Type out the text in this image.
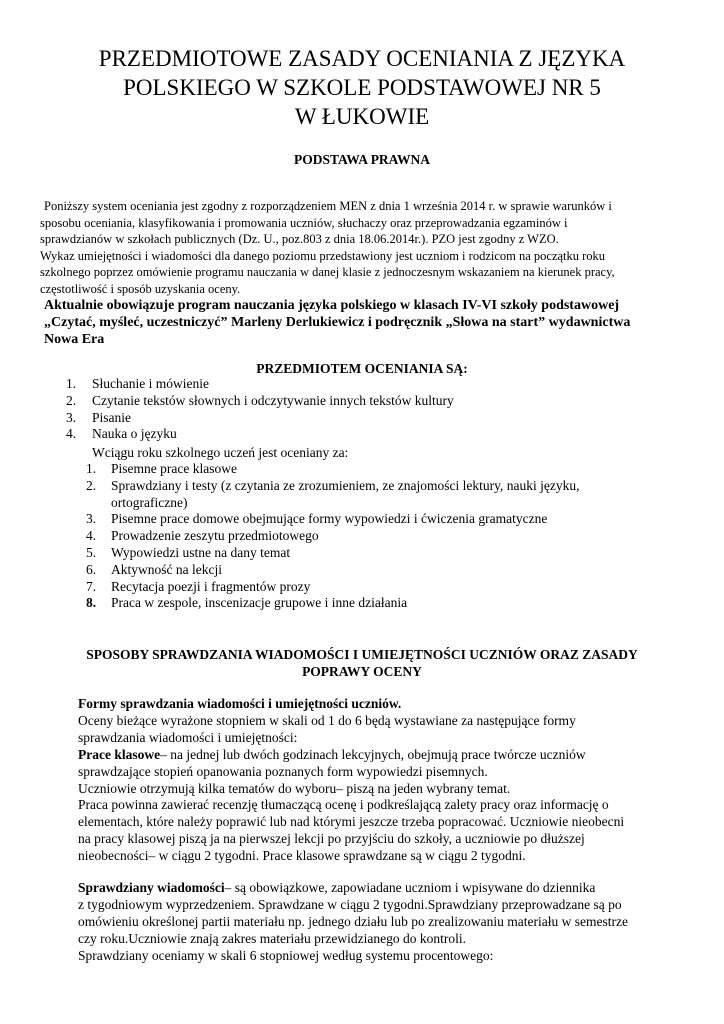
PRZEDMIOTOWE ZASADY OCENIANIA Z JĘZYKA
POLSKIEGO W SZKOLE PODSTAWOWEJ NR 5
W ŁUKOWIE
PODSTAWA PRAWNA
Poniższy system oceniania jest zgodny z rozporządzeniem MEN z dnia 1 września 2014 r. w sprawie warunków i
sposobu oceniania, klasyfikowania i promowania uczniów, słuchaczy oraz przeprowadzania egzaminów i
sprawdzianów w szkołach publicznych (Dz. U., poz.803 z dnia 18.06.2014r.). PZO jest zgodny z WZO.
Wykaz umiejętności i wiadomości dla danego poziomu przedstawiony jest uczniom i rodzicom na początku roku
szkolnego poprzez omówienie programu nauczania w danej klasie z jednoczesnym wskazaniem na kierunek pracy,
częstotliwość i sposób uzyskania oceny.
Aktualnie obowiązuje program nauczania języka polskiego w klasach IV-VI szkoły podstawowej
„Czytać, myśleć, uczestniczyć” Marleny Derlukiewicz i podręcznik „Słowa na start” wydawnictwa
Nowa Era
PRZEDMIOTEM OCENIANIA SĄ:
1.	Słuchanie i mówienie
2.	Czytanie tekstów słownych i odczytywanie innych tekstów kultury
3.	Pisanie
4.	Nauka o języku
Wciągu roku szkolnego uczeń jest oceniany za:
1.	Pisemne prace klasowe
2.	Sprawdziany i testy (z czytania ze zrozumieniem, ze znajomości lektury, nauki języku, ortograficzne)
3.	Pisemne prace domowe obejmujące formy wypowiedzi i ćwiczenia gramatyczne
4.	Prowadzenie zeszytu przedmiotowego
5.	Wypowiedzi ustne na dany temat
6.	Aktywność na lekcji
7.	Recytacja poezji i fragmentów prozy
8.	Praca w zespole, inscenizacje grupowe i inne działania
SPOSOBY SPRAWDZANIA WIADOMOŚCI I UMIEJĘTNOŚCI UCZNIÓW ORAZ ZASADY
POPRAWY OCENY
Formy sprawdzania wiadomości i umiejętności uczniów.
Oceny bieżące wyrażone stopniem w skali od 1 do 6 będą wystawiane za następujące formy
sprawdzania wiadomości i umiejętności:
Prace klasowe– na jednej lub dwóch godzinach lekcyjnych, obejmują prace twórcze uczniów
sprawdzające stopień opanowania poznanych form wypowiedzi pisemnych.
Uczniowie otrzymują kilka tematów do wyboru– piszą na jeden wybrany temat.
Praca powinna zawierać recenzję tłumaczącą ocenę i podkreślającą zalety pracy oraz informację o
elementach, które należy poprawić lub nad którymi jeszcze trzeba popracować. Uczniowie nieobecni
na pracy klasowej piszą ja na pierwszej lekcji po przyjściu do szkoły, a uczniowie po dłuższej
nieobecności– w ciągu 2 tygodni. Prace klasowe sprawdzane są w ciągu 2 tygodni.
Sprawdziany wiadomości– są obowiązkowe, zapowiadane uczniom i wpisywane do dziennika
z tygodniowym wyprzedzeniem. Sprawdzane w ciągu 2 tygodni.Sprawdziany przeprowadzane są po
omówieniu określonej partii materiału np. jednego działu lub po zrealizowaniu materiału w semestrze
czy roku.Uczniowie znają zakres materiału przewidzianego do kontroli.
Sprawdziany oceniamy w skali 6 stopniowej według systemu procentowego:
